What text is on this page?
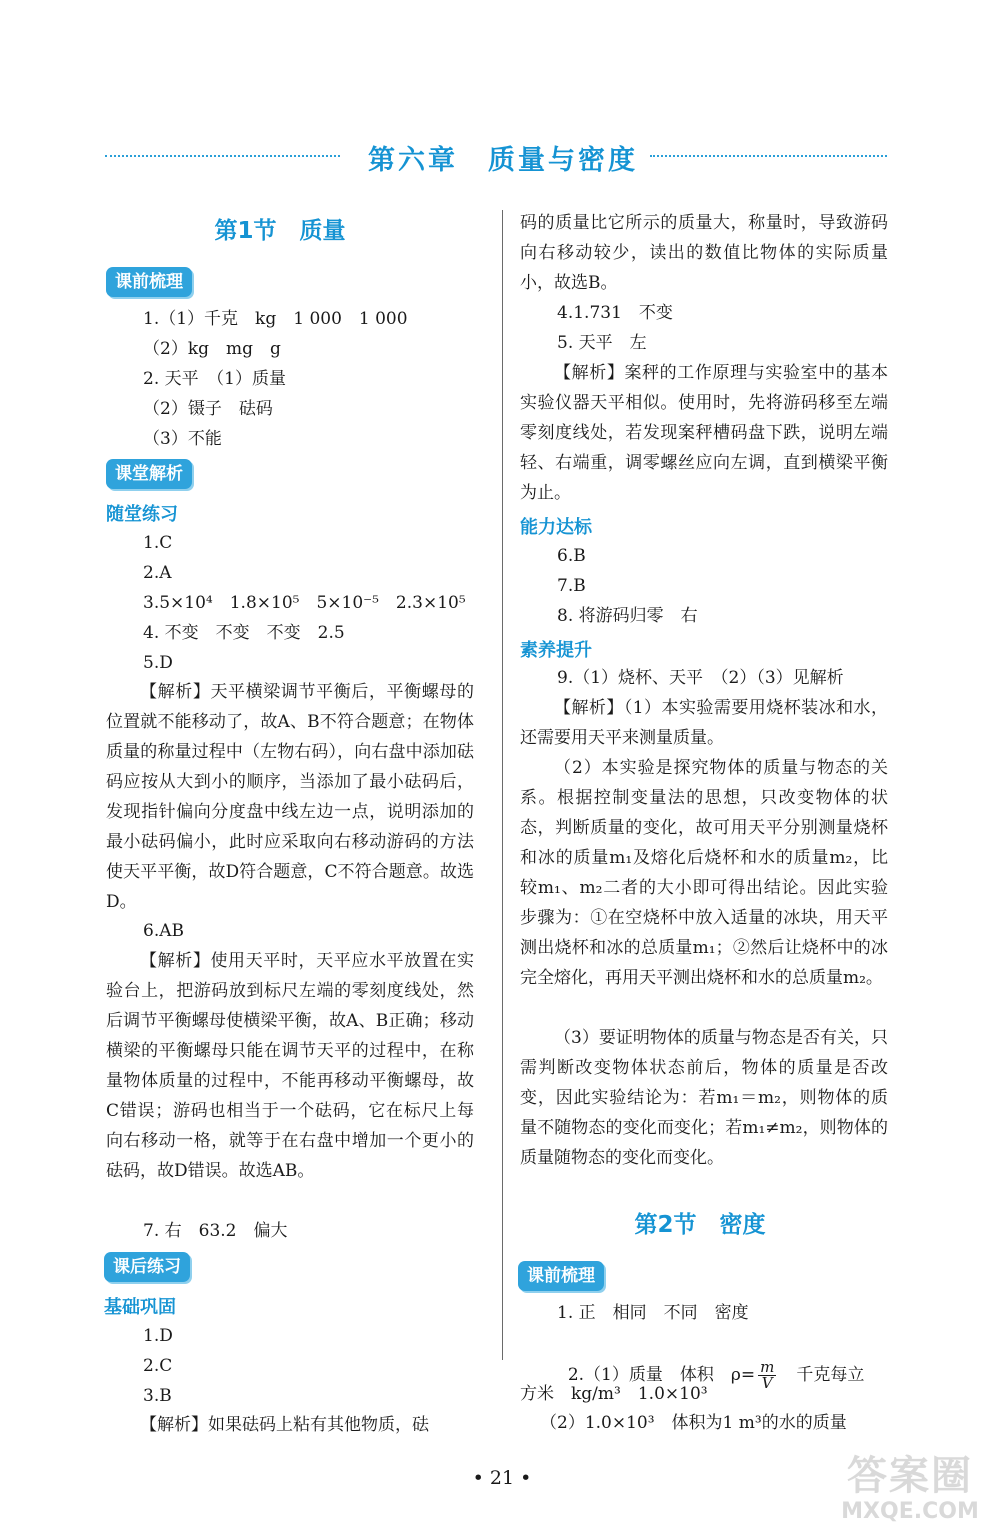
第六章　质量与密度
第1节　质量
课前梳理
1.（1）千克　kg　1 000　1 000
（2）kg　mg　g
2. 天平　（1）质量
（2）镊子　砝码
（3）不能
课堂解析
随堂练习
1.C
2.A
3.5×10⁴　1.8×10⁵　5×10⁻⁵　2.3×10⁵
4. 不变　不变　不变　2.5
5.D
【解析】天平横梁调节平衡后，平衡螺母的位置就不能移动了，故A、B不符合题意；在物体质量的称量过程中（左物右码），向右盘中添加砝码应按从大到小的顺序，当添加了最小砝码后，发现指针偏向分度盘中线左边一点，说明添加的最小砝码偏小，此时应采取向右移动游码的方法使天平平衡，故D符合题意，C不符合题意。故选D。
6.AB
【解析】使用天平时，天平应水平放置在实验台上，把游码放到标尺左端的零刻度线处，然后调节平衡螺母使横梁平衡，故A、B正确；移动横梁的平衡螺母只能在调节天平的过程中，在称量物体质量的过程中，不能再移动平衡螺母，故C错误；游码也相当于一个砝码，它在标尺上每向右移动一格，就等于在右盘中增加一个更小的砝码，故D错误。故选AB。
7. 右　63.2　偏大
课后练习
基础巩固
1.D
2.C
3.B
【解析】如果砝码上粘有其他物质，砝
码的质量比它所示的质量大，称量时，导致游码向右移动较少，读出的数值比物体的实际质量小，故选B。
4.1.731　不变
5. 天平　左
【解析】案秤的工作原理与实验室中的基本实验仪器天平相似。使用时，先将游码移至左端零刻度线处，若发现案秤槽码盘下跌，说明左端轻、右端重，调零螺丝应向左调，直到横梁平衡为止。
能力达标
6.B
7.B
8. 将游码归零　右
素养提升
9.（1）烧杯、天平　（2）（3）见解析
【解析】（1）本实验需要用烧杯装冰和水，还需要用天平来测量质量。
（2）本实验是探究物体的质量与物态的关系。根据控制变量法的思想，只改变物体的状态，判断质量的变化，故可用天平分别测量烧杯和冰的质量m₁及熔化后烧杯和水的质量m₂，比较m₁、m₂二者的大小即可得出结论。因此实验步骤为：①在空烧杯中放入适量的冰块，用天平测出烧杯和冰的总质量m₁；②然后让烧杯中的冰完全熔化，再用天平测出烧杯和水的总质量m₂。
（3）要证明物体的质量与物态是否有关，只需判断改变物体状态前后，物体的质量是否改变，因此实验结论为：若m₁＝m₂，则物体的质量不随物态的变化而变化；若m₁≠m₂，则物体的质量随物态的变化而变化。
第2节　密度
课前梳理
1. 正　相同　不同　密度

2.（1）质量　体积　$\rho= \frac{m}{V}$ 　千克每立

方米　kg/m³　1.0×10³
（2）1.0×10³　体积为1 m³的水的质量
• 21 •	答案圈
MXQE.COM
